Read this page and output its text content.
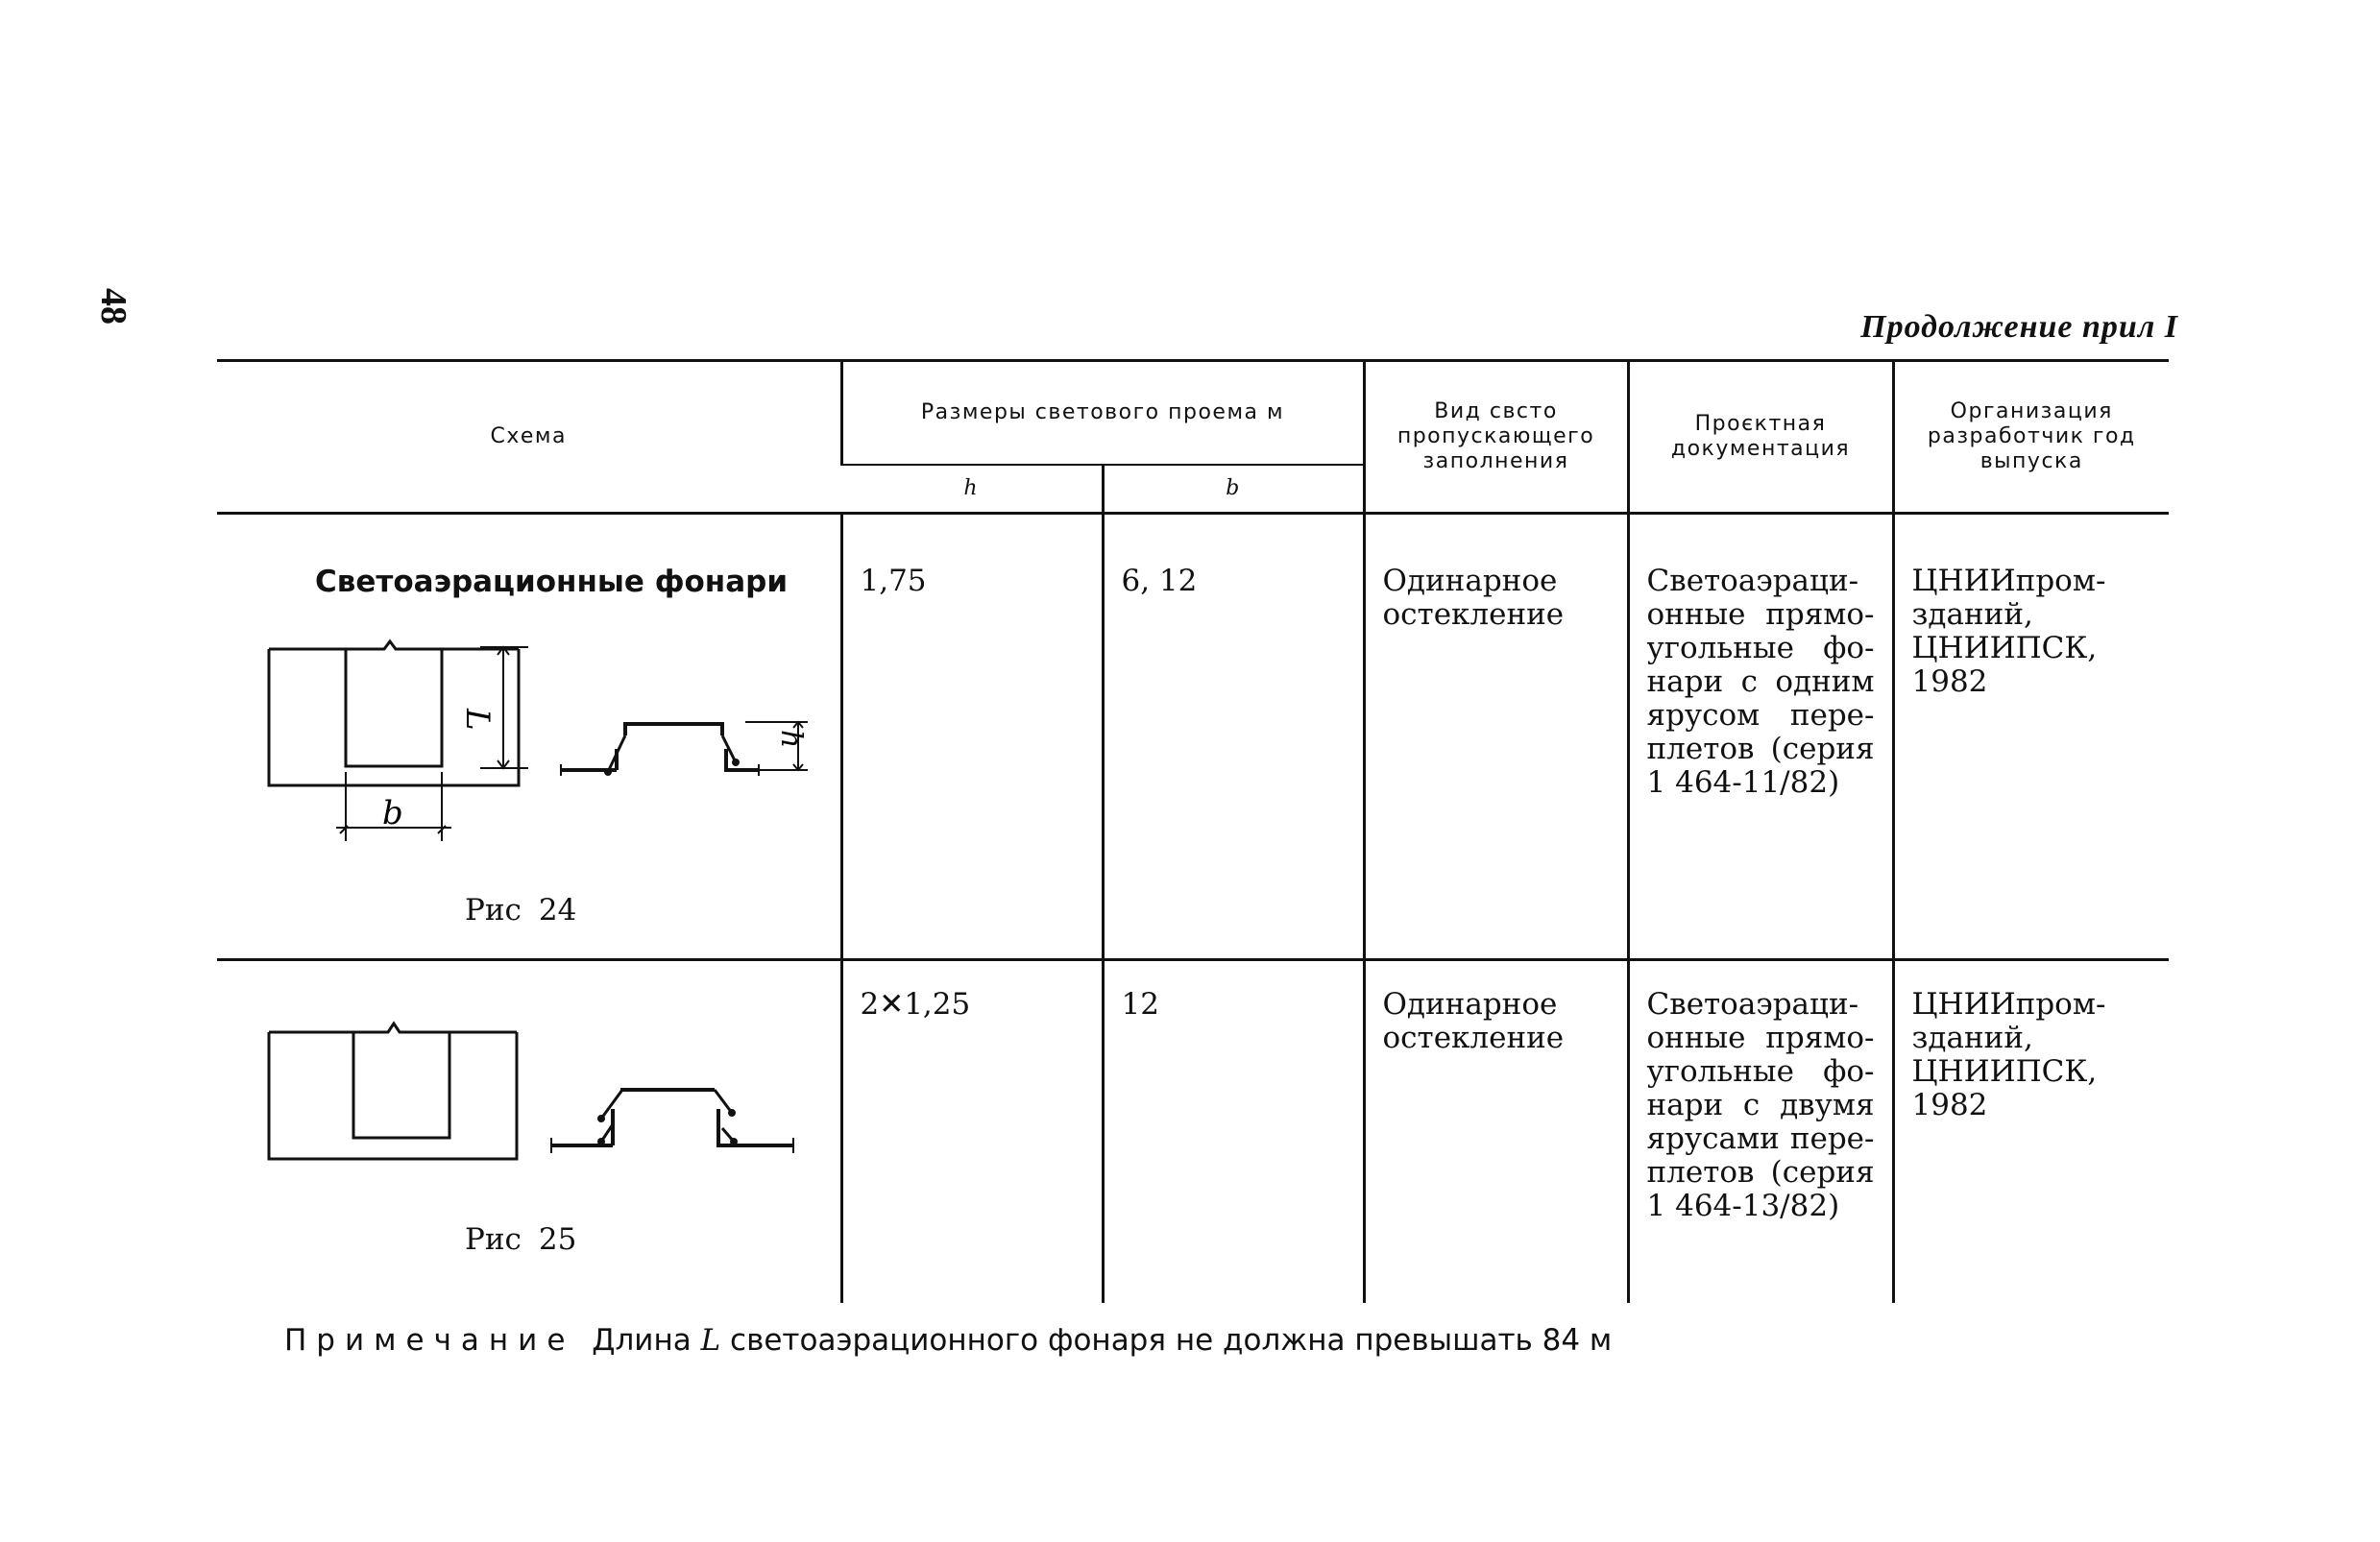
48
Продолжение прил I
Схема	Размеры светового проема м		Вид свсто пропускающего заполнения	Проєктная документация	Организация разработчик год выпуска
	h	b			

Светоаэрационные фонари
L
b
h
Рис 24	1,75	6, 12	Одинарное остекление	Светоаэрационные прямоугольные фонари с одним ярусом переплетов (серия 1 464-11/82)	ЦНИИпромзданий, ЦНИИПСК, 1982

Рис 25	2✕1,25	12	Одинарное остекление	Светоаэрационные прямоугольные фонари с двумя ярусами переплетов (серия 1 464-13/82)	ЦНИИпромзданий, ЦНИИПСК, 1982
Примечание Длина L светоаэрационного фонаря не должна превышать 84 м
